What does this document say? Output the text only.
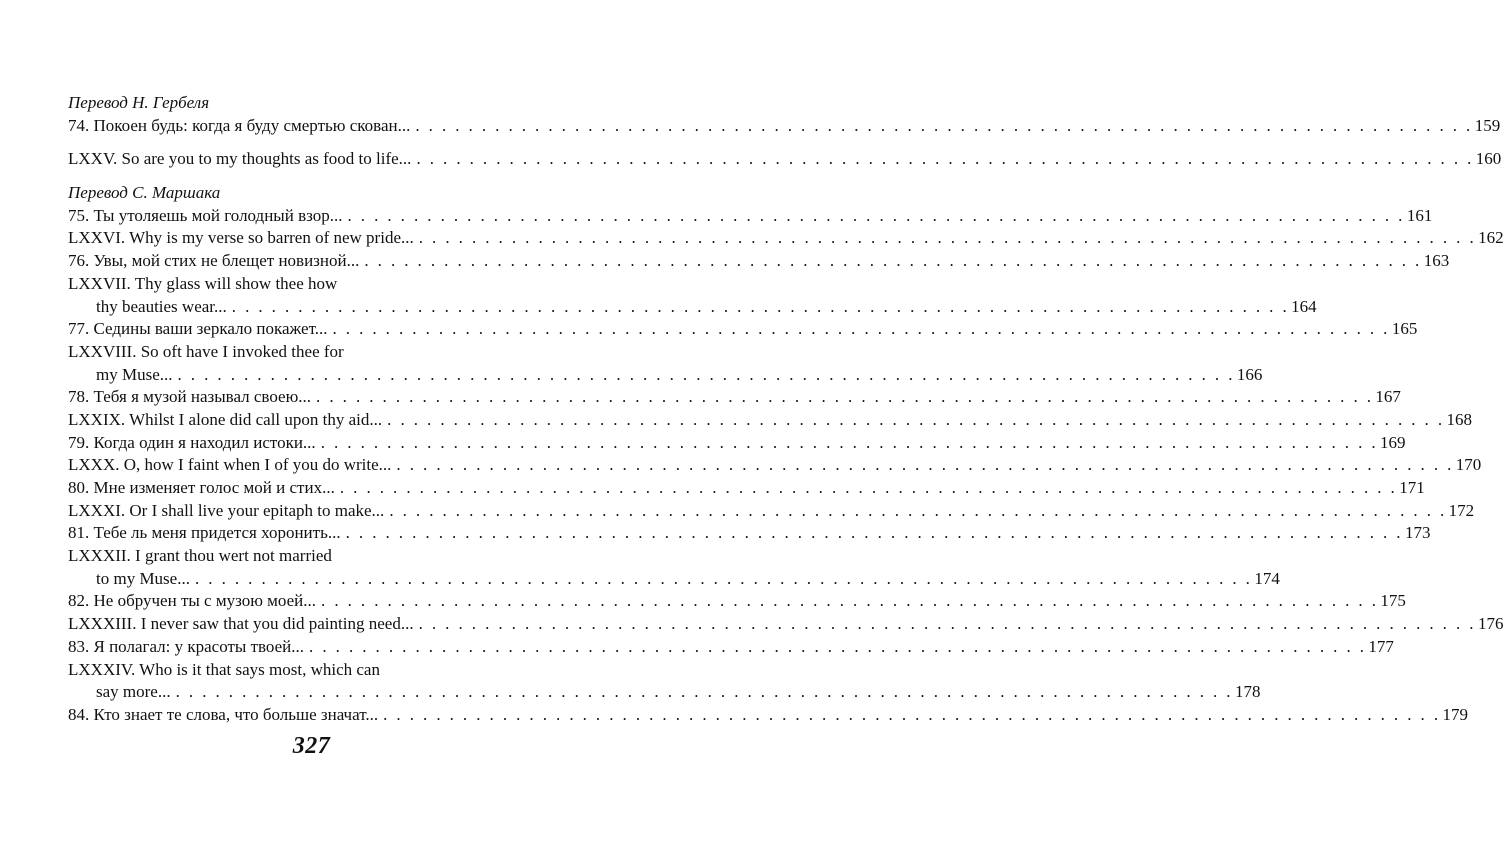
Перевод Н. Гербеля
74. Покоен будь: когда я буду смертью скован... . . . . . . . . . . . . . . . . . . . . . . . . . . . . . . . . . . . . . . . . . . . . . . . . . . . . . . . . . . . . . . . . . . . . . . . . . . . . . . . . 159
LXXV. So are you to my thoughts as food to life... . . . . . . . . . . . . . . . . . . . . . . . . . . . . . . . . . . . . . . . . . . . . . . . . . . . . . . . . . . . . . . . . . . . . . . . . . . . . . . . . 160
Перевод С. Маршака
75. Ты утоляешь мой голодный взор... . . . . . . . . . . . . . . . . . . . . . . . . . . . . . . . . . . . . . . . . . . . . . . . . . . . . . . . . . . . . . . . . . . . . . . . . . . . . . . . . 161
LXXVI. Why is my verse so barren of new pride... . . . . . . . . . . . . . . . . . . . . . . . . . . . . . . . . . . . . . . . . . . . . . . . . . . . . . . . . . . . . . . . . . . . . . . . . . . . . . . . . 162
76. Увы, мой стих не блещет новизной... . . . . . . . . . . . . . . . . . . . . . . . . . . . . . . . . . . . . . . . . . . . . . . . . . . . . . . . . . . . . . . . . . . . . . . . . . . . . . . . . 163
LXXVII. Thy glass will show thee how
thy beauties wear... . . . . . . . . . . . . . . . . . . . . . . . . . . . . . . . . . . . . . . . . . . . . . . . . . . . . . . . . . . . . . . . . . . . . . . . . . . . . . . . . 164
77. Седины ваши зеркало покажет... . . . . . . . . . . . . . . . . . . . . . . . . . . . . . . . . . . . . . . . . . . . . . . . . . . . . . . . . . . . . . . . . . . . . . . . . . . . . . . . . 165
LXXVIII. So oft have I invoked thee for
my Muse... . . . . . . . . . . . . . . . . . . . . . . . . . . . . . . . . . . . . . . . . . . . . . . . . . . . . . . . . . . . . . . . . . . . . . . . . . . . . . . . . 166
78. Тебя я музой называл своею... . . . . . . . . . . . . . . . . . . . . . . . . . . . . . . . . . . . . . . . . . . . . . . . . . . . . . . . . . . . . . . . . . . . . . . . . . . . . . . . . 167
LXXIX. Whilst I alone did call upon thy aid... . . . . . . . . . . . . . . . . . . . . . . . . . . . . . . . . . . . . . . . . . . . . . . . . . . . . . . . . . . . . . . . . . . . . . . . . . . . . . . . . 168
79. Когда один я находил истоки... . . . . . . . . . . . . . . . . . . . . . . . . . . . . . . . . . . . . . . . . . . . . . . . . . . . . . . . . . . . . . . . . . . . . . . . . . . . . . . . . 169
LXXX. O, how I faint when I of you do write... . . . . . . . . . . . . . . . . . . . . . . . . . . . . . . . . . . . . . . . . . . . . . . . . . . . . . . . . . . . . . . . . . . . . . . . . . . . . . . . . 170
80. Мне изменяет голос мой и стих... . . . . . . . . . . . . . . . . . . . . . . . . . . . . . . . . . . . . . . . . . . . . . . . . . . . . . . . . . . . . . . . . . . . . . . . . . . . . . . . . 171
LXXXI. Or I shall live your epitaph to make... . . . . . . . . . . . . . . . . . . . . . . . . . . . . . . . . . . . . . . . . . . . . . . . . . . . . . . . . . . . . . . . . . . . . . . . . . . . . . . . . 172
81. Тебе ль меня придется хоронить... . . . . . . . . . . . . . . . . . . . . . . . . . . . . . . . . . . . . . . . . . . . . . . . . . . . . . . . . . . . . . . . . . . . . . . . . . . . . . . . . 173
LXXXII. I grant thou wert not married
to my Muse... . . . . . . . . . . . . . . . . . . . . . . . . . . . . . . . . . . . . . . . . . . . . . . . . . . . . . . . . . . . . . . . . . . . . . . . . . . . . . . . . 174
82. Не обручен ты с музою моей... . . . . . . . . . . . . . . . . . . . . . . . . . . . . . . . . . . . . . . . . . . . . . . . . . . . . . . . . . . . . . . . . . . . . . . . . . . . . . . . . 175
LXXXIII. I never saw that you did painting need... . . . . . . . . . . . . . . . . . . . . . . . . . . . . . . . . . . . . . . . . . . . . . . . . . . . . . . . . . . . . . . . . . . . . . . . . . . . . . . . . 176
83. Я полагал: у красоты твоей... . . . . . . . . . . . . . . . . . . . . . . . . . . . . . . . . . . . . . . . . . . . . . . . . . . . . . . . . . . . . . . . . . . . . . . . . . . . . . . . . 177
LXXXIV. Who is it that says most, which can
say more... . . . . . . . . . . . . . . . . . . . . . . . . . . . . . . . . . . . . . . . . . . . . . . . . . . . . . . . . . . . . . . . . . . . . . . . . . . . . . . . . 178
84. Кто знает те слова, что больше значат... . . . . . . . . . . . . . . . . . . . . . . . . . . . . . . . . . . . . . . . . . . . . . . . . . . . . . . . . . . . . . . . . . . . . . . . . . . . . . . . . 179
327
